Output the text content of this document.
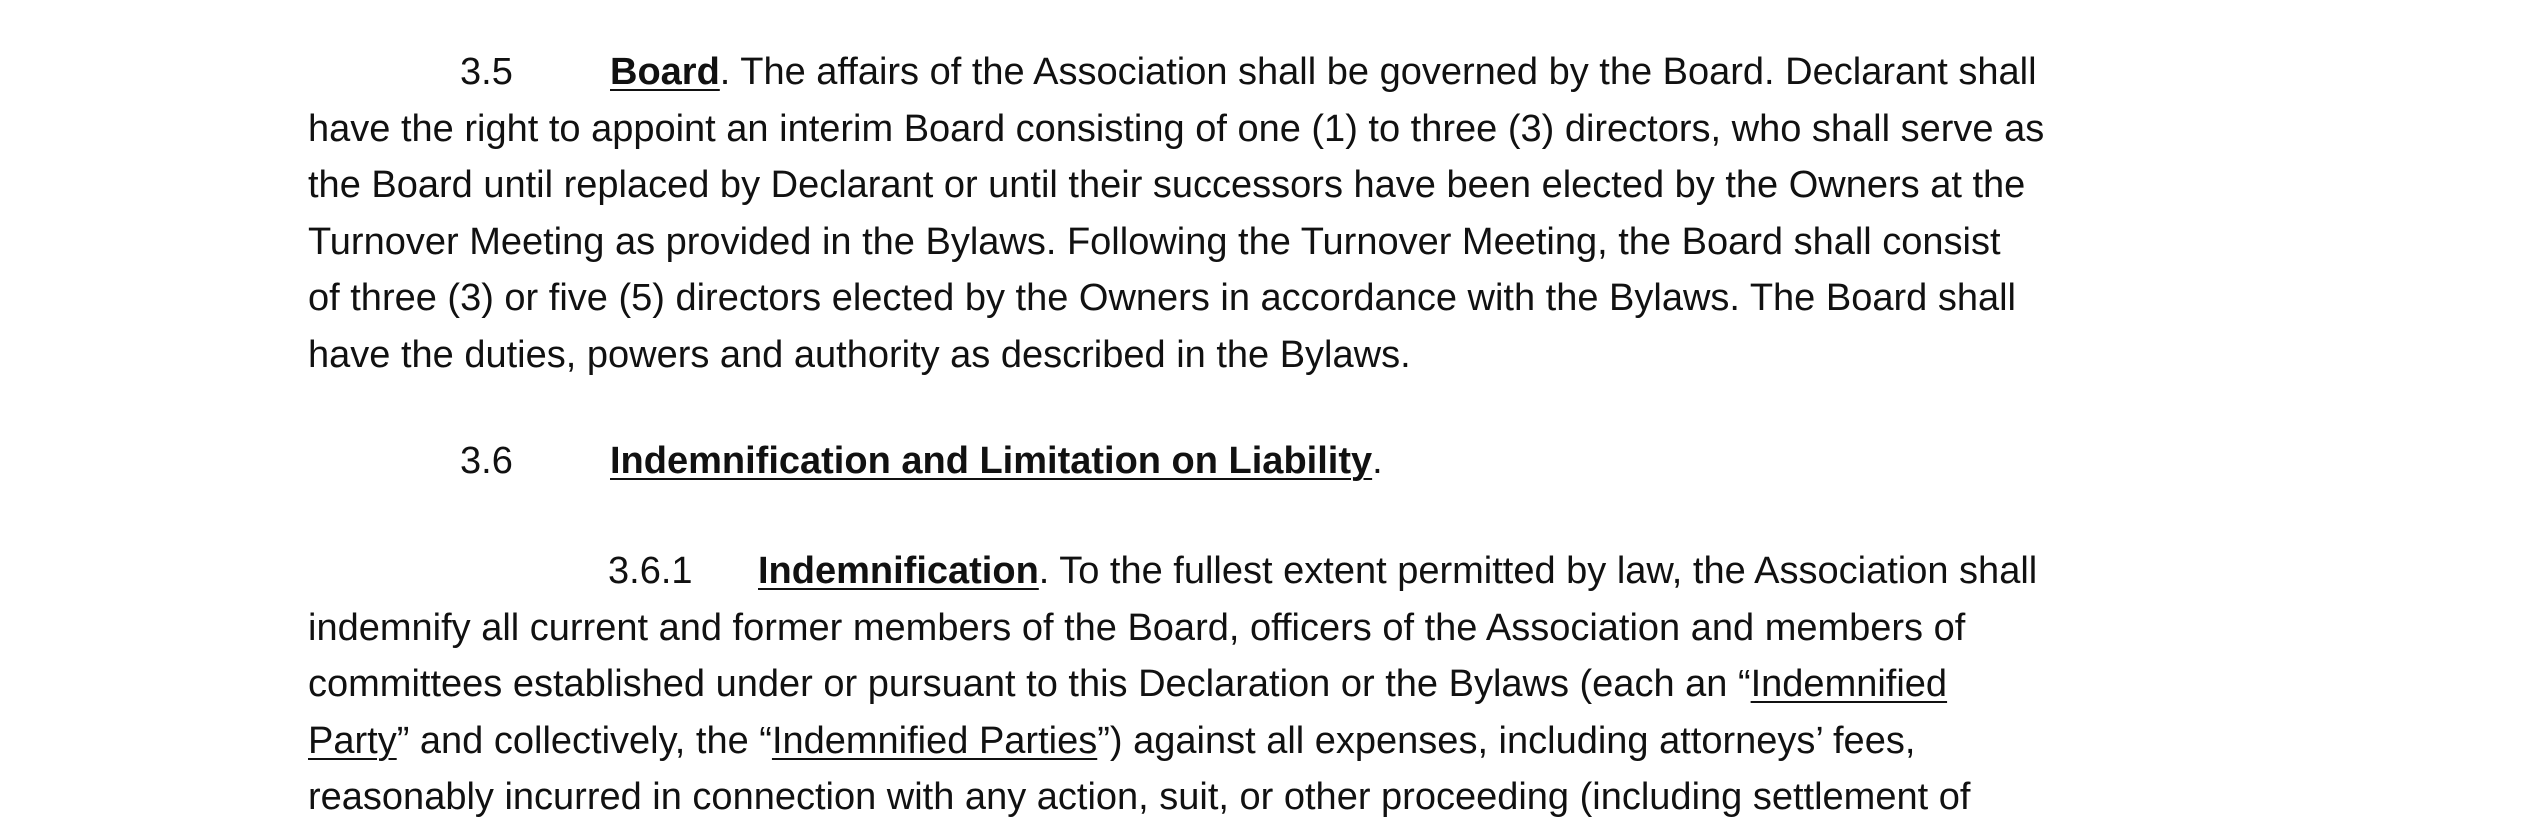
3.5	Board. The affairs of the Association shall be governed by the Board. Declarant shall
have the right to appoint an interim Board consisting of one (1) to three (3) directors, who shall serve as
the Board until replaced by Declarant or until their successors have been elected by the Owners at the
Turnover Meeting as provided in the Bylaws. Following the Turnover Meeting, the Board shall consist
of three (3) or five (5) directors elected by the Owners in accordance with the Bylaws. The Board shall
have the duties, powers and authority as described in the Bylaws.
3.6	Indemnification and Limitation on Liability.
3.6.1 Indemnification. To the fullest extent permitted by law, the Association shall
indemnify all current and former members of the Board, officers of the Association and members of
committees established under or pursuant to this Declaration or the Bylaws (each an “Indemnified
Party” and collectively, the “Indemnified Parties”) against all expenses, including attorneys’ fees,
reasonably incurred in connection with any action, suit, or other proceeding (including settlement of
